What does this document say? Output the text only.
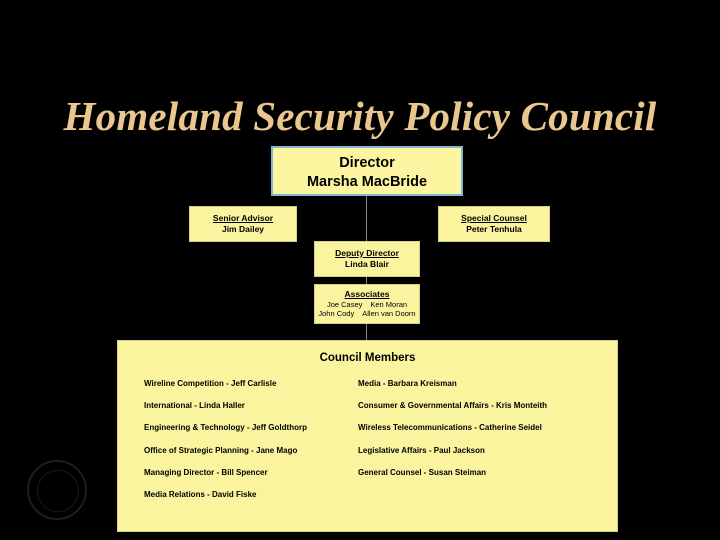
Homeland Security Policy Council
Director
Marsha MacBride
Senior Advisor
Jim Dailey
Special Counsel
Peter Tenhula
Deputy Director
Linda Blair
Associates
Joe Casey Ken Moran
John Cody Allen van Doorn
Council Members
Wireline Competition - Jeff Carlisle
International - Linda Haller
Engineering & Technology - Jeff Goldthorp
Office of Strategic Planning - Jane Mago
Managing Director - Bill Spencer
Media Relations - David Fiske
Media - Barbara Kreisman
Consumer & Governmental Affairs - Kris Monteith
Wireless Telecommunications - Catherine Seidel
Legislative Affairs - Paul Jackson
General Counsel - Susan Steiman
